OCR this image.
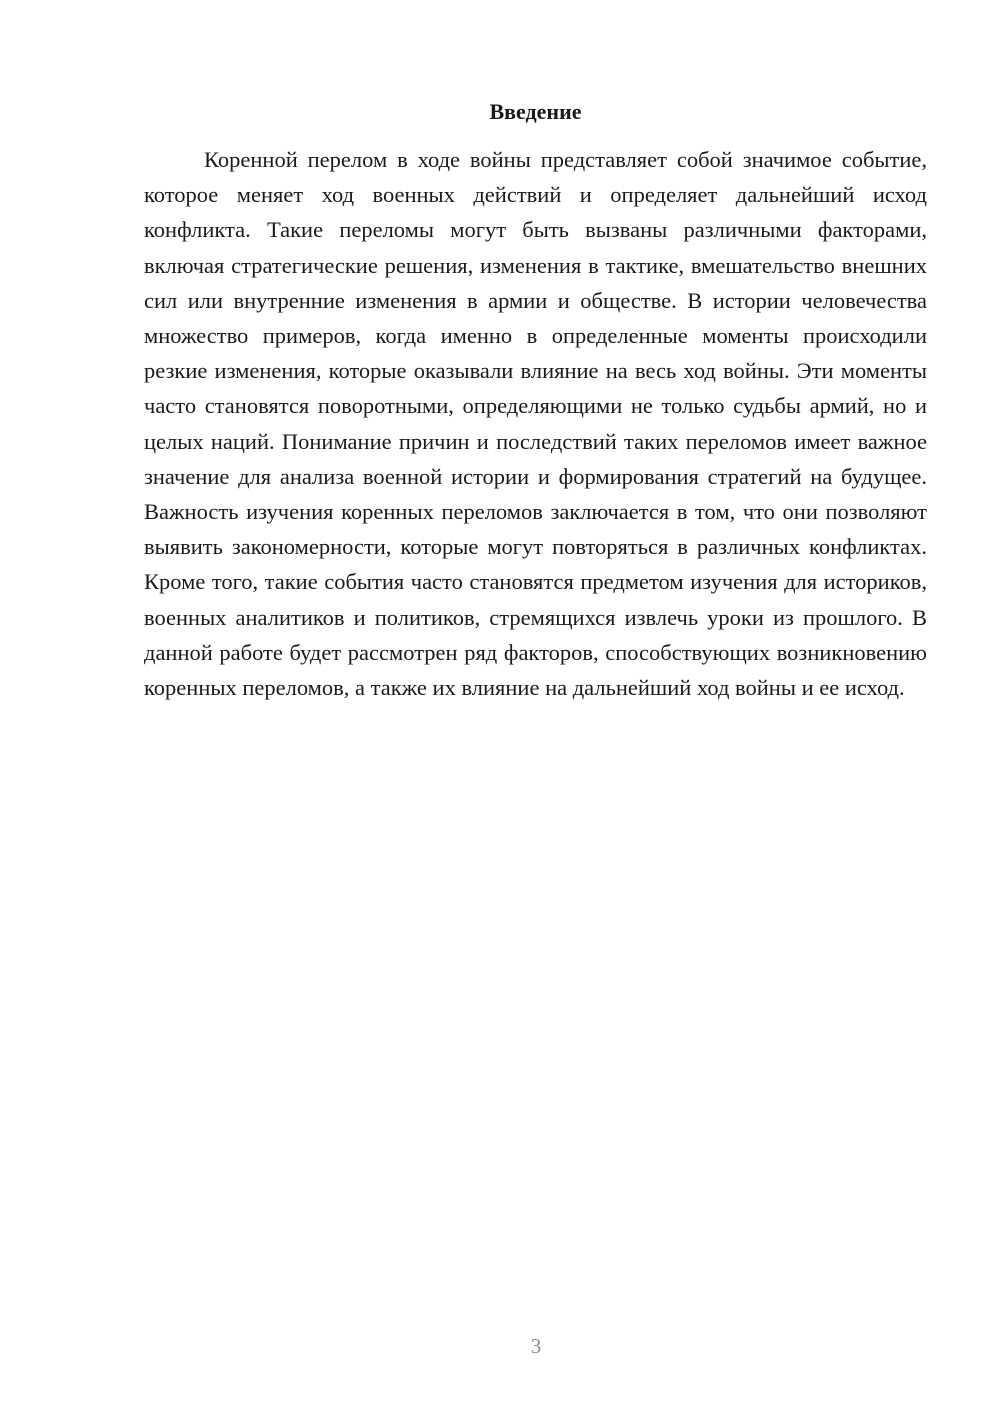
Введение

Коренной перелом в ходе войны представляет собой значимое событие, которое меняет ход военных действий и определяет дальнейший исход конфликта. Такие переломы могут быть вызваны различными факторами, включая стратегические решения, изменения в тактике, вмешательство внешних сил или внутренние изменения в армии и обществе. В истории человечества множество примеров, когда именно в определенные моменты происходили резкие изменения, которые оказывали влияние на весь ход войны. Эти моменты часто становятся поворотными, определяющими не только судьбы армий, но и целых наций. Понимание причин и последствий таких переломов имеет важное значение для анализа военной истории и формирования стратегий на будущее. Важность изучения коренных переломов заключается в том, что они позволяют выявить закономерности, которые могут повторяться в различных конфликтах. Кроме того, такие события часто становятся предметом изучения для историков, военных аналитиков и политиков, стремящихся извлечь уроки из прошлого. В данной работе будет рассмотрен ряд факторов, способствующих возникновению коренных переломов, а также их влияние на дальнейший ход войны и ее исход.

3
